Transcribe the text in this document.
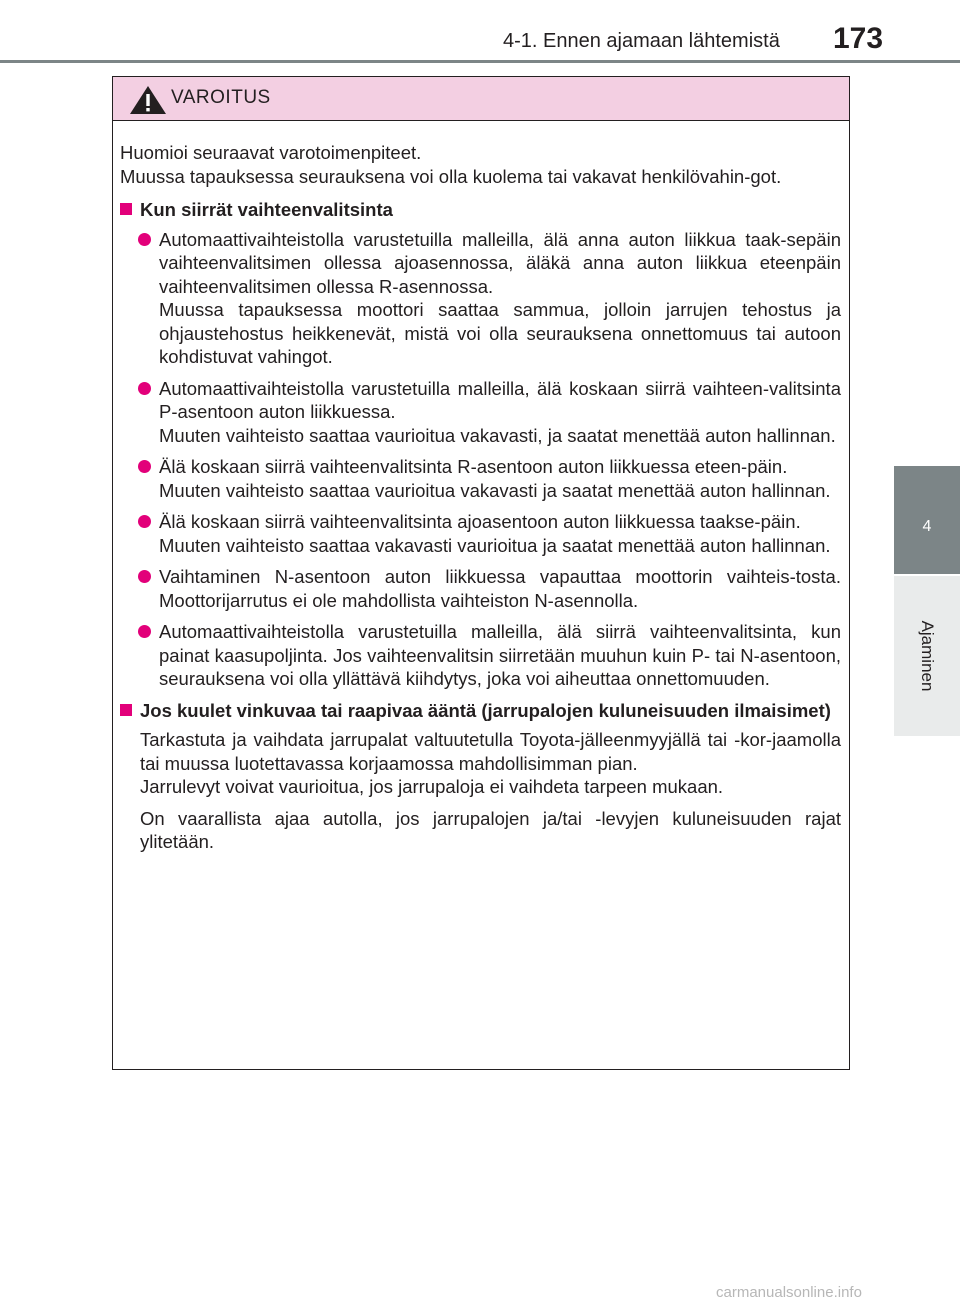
4-1. Ennen ajamaan lähtemistä 173
4
Ajaminen
VAROITUS

Huomioi seuraavat varotoimenpiteet.

Muussa tapauksessa seurauksena voi olla kuolema tai vakavat henkilövahin-got.

Kun siirrät vaihteenvalitsinta

Automaattivaihteistolla varustetuilla malleilla, älä anna auton liikkua taak-sepäin vaihteenvalitsimen ollessa ajoasennossa, äläkä anna auton liikkua eteenpäin vaihteenvalitsimen ollessa R-asennossa.

Muussa tapauksessa moottori saattaa sammua, jolloin jarrujen tehostus ja ohjaustehostus heikkenevät, mistä voi olla seurauksena onnettomuus tai autoon kohdistuvat vahingot.

Automaattivaihteistolla varustetuilla malleilla, älä koskaan siirrä vaihteen-valitsinta P-asentoon auton liikkuessa.

Muuten vaihteisto saattaa vaurioitua vakavasti, ja saatat menettää auton hallinnan.

Älä koskaan siirrä vaihteenvalitsinta R-asentoon auton liikkuessa eteen-päin.

Muuten vaihteisto saattaa vaurioitua vakavasti ja saatat menettää auton hallinnan.

Älä koskaan siirrä vaihteenvalitsinta ajoasentoon auton liikkuessa taakse-päin.

Muuten vaihteisto saattaa vakavasti vaurioitua ja saatat menettää auton hallinnan.

Vaihtaminen N-asentoon auton liikkuessa vapauttaa moottorin vaihteis-tosta. Moottorijarrutus ei ole mahdollista vaihteiston N-asennolla.

Automaattivaihteistolla varustetuilla malleilla, älä siirrä vaihteenvalitsinta, kun painat kaasupoljinta. Jos vaihteenvalitsin siirretään muuhun kuin P- tai N-asentoon, seurauksena voi olla yllättävä kiihdytys, joka voi aiheuttaa onnettomuuden.

Jos kuulet vinkuvaa tai raapivaa ääntä (jarrupalojen kuluneisuuden ilmaisimet)

Tarkastuta ja vaihdata jarrupalat valtuutetulla Toyota-jälleenmyyjällä tai -kor-jaamolla tai muussa luotettavassa korjaamossa mahdollisimman pian.

Jarrulevyt voivat vaurioitua, jos jarrupaloja ei vaihdeta tarpeen mukaan.

On vaarallista ajaa autolla, jos jarrupalojen ja/tai -levyjen kuluneisuuden rajat ylitetään.

carmanualsonline.info
